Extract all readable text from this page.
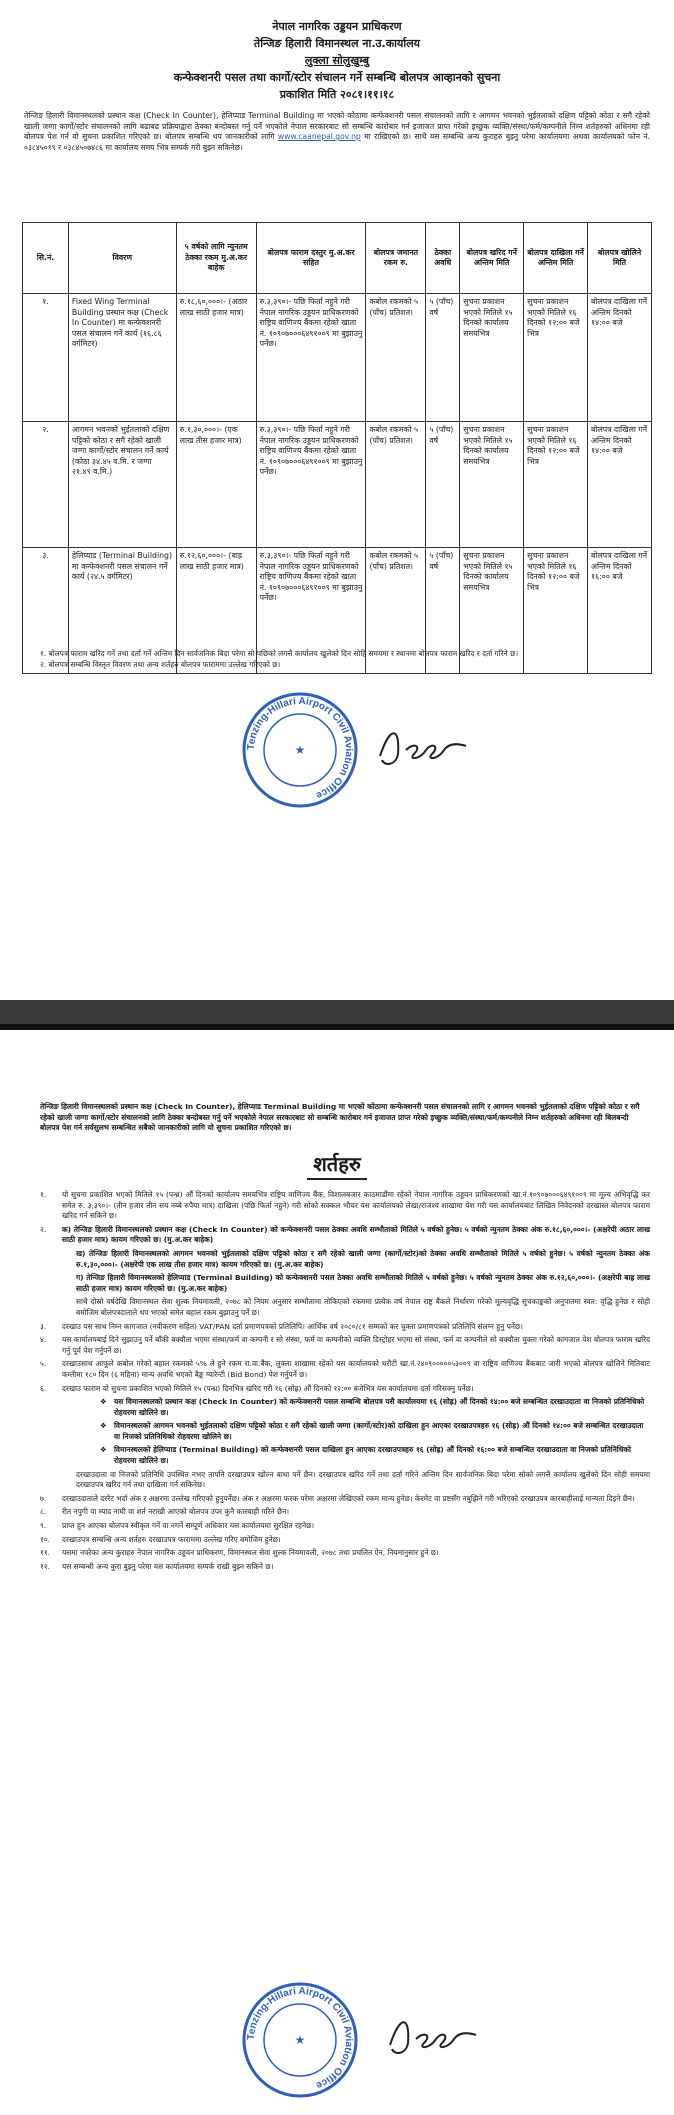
नेपाल नागरिक उड्डयन प्राधिकरण
तेन्जिङ हिलारी विमानस्थल ना.उ.कार्यालय
लुक्ला सोलुखुम्बु
कन्फेक्शनरी पसल तथा कार्गो/स्टोर संचालन गर्ने सम्बन्धि बोलपत्र आव्हानको सुचना
प्रकाशित मिति २०८१।११।१८
तेन्जिङ हिलारी विमानस्थलको प्रस्थान कक्ष (Check In Counter), हेलिप्याड Terminal Building मा भएको कोठामा कन्फेक्शनरी पसल संचालनको लागि र आगमन भवनको भुईतलाको दक्षिण पट्टिको कोठा र सगै रहेको खाली जग्गा कार्गो/स्टोर संचालनको लागि बढाबढ प्रक्रियाद्वारा ठेक्का बन्दोबस्त गर्नु पर्ने भएकोले नेपाल सरकारबाट सो सम्बन्धि कारोबार गर्न इजाजत प्राप्त गरेको इच्छुक व्यक्ति/संस्था/फर्म/कम्पनीले निम्न शर्तहरुको अधिनमा रही बोलपत्र पेश गर्न यो सुचना प्रकाशित गरिएको छ। बोलपत्र सम्बन्धि थप जानकारीको लागि www.caanepal.gov.np मा राखिएको छ। साथै यस सम्बन्धि अन्य कुराहरु बुझ्नु परेमा कार्यालयमा अथवा कार्यालयको फोन नं. ०३८४५०१९ र ०३८४५०७४८६ मा कार्यालय समय भित्र सम्पर्क गरी बुझ्न सकिनेछ।
सि.नं.	विवरण	५ वर्षको लागि न्युनतम ठेक्का रकम मु.अ.कर बाहेक	बोलपत्र फाराम दस्तुर मु.अ.कर सहित	बोलपत्र जमानत रकम रु.	ठेक्का अवधि	बोलपत्र खरिद गर्ने अन्तिम मिति	बोलपत्र दाखिला गर्ने अन्तिम मिति	बोलपत्र खोलिने मिति
१.	Fixed Wing Terminal Building प्रस्थान कक्ष (Check In Counter) मा कन्फेक्शनरी पसल संचालन गर्ने कार्य (१६.८६ वर्गमिटर)	रु.१८,६०,०००।- (अठार लाख साठी हजार मात्र)	रु.३,३९०।- पछि फिर्ता नहुने गरी नेपाल नागरिक उड्डयन प्राधिकरणको राष्ट्रिय वाणिज्य बैंकमा रहेको खाता नं. १०९०७०००६४९१००९ मा बुझाउनु पर्नेछ।	कबोल रकमको ५ (पाँच) प्रतिशत।	५ (पाँच) वर्ष	सुचना प्रकाशन भएको मितिले १५ दिनको कार्यालय समयभित्र	सुचना प्रकाशन भएको मितिले १६ दिनको १२:०० बजे भित्र	बोलपत्र दाखिला गर्ने अन्तिम दिनको १४:०० बजे
२.	आगमन भवनको भुईतलाको दक्षिण पट्टिको कोठा र सगै रहेको खाली जग्गा कार्गो/स्टोर संचालन गर्ने कार्य (कोठा ३४.४५ व.मि. र जग्गा २१.४९ व.मि.)	रु.१,३०,०००।- (एक लाख तीस हजार मात्र)	रु.३,३९०।- पछि फिर्ता नहुने गरी नेपाल नागरिक उड्डयन प्राधिकरणको राष्ट्रिय वाणिज्य बैंकमा रहेको खाता नं. १०९०७०००६४९१००९ मा बुझाउनु पर्नेछ।	कबोल रकमको ५ (पाँच) प्रतिशत।	५ (पाँच) वर्ष	सुचना प्रकाशन भएको मितिले १५ दिनको कार्यालय समयभित्र	सुचना प्रकाशन भएको मितिले १६ दिनको १२:०० बजे भित्र	बोलपत्र दाखिला गर्ने अन्तिम दिनको १४:०० बजे
३.	हेलिप्याड (Terminal Building) मा कन्फेक्शनरी पसल संचालन गर्ने कार्य (२४.५ वर्गमिटर)	रु.१२,६०,०००।- (बाह्र लाख साठी हजार मात्र)	रु.३,३९०।- पछि फिर्ता नहुने गरी नेपाल नागरिक उड्डयन प्राधिकरणको राष्ट्रिय वाणिज्य बैंकमा रहेको खाता नं. १०९०७०००६४९१००९ मा बुझाउनु पर्नेछ।	कबोल रकमको ५ (पाँच) प्रतिशत।	५ (पाँच) वर्ष	सुचना प्रकाशन भएको मितिले १५ दिनको कार्यालय समयभित्र	सुचना प्रकाशन भएको मितिले १६ दिनको १२:०० बजे भित्र	बोलपत्र दाखिला गर्ने अन्तिम दिनको १६:०० बजे
१. बोलपत्र फाराम खरिद गर्ने तथा दर्ता गर्ने अन्तिम दिन सार्वजनिक बिदा परेमा सो पछिको लगत्तै कार्यालय खुलेको दिन सोहि समयमा र स्थानमा बोलपत्र फाराम खरिद र दर्ता गरिने छ।
२. बोलपत्र सम्बन्धि विस्तृत विवरण तथा अन्य शर्तहरु बोलपत्र फाराममा उल्लेख गरिएको छ।
Tenzing-Hillari Airport Civil Aviation Office
★
तेन्जिङ हिलारी विमानस्थलको प्रस्थान कक्ष (Check In Counter), हेलिप्याड Terminal Building मा भएको कोठामा कन्फेक्शनरी पसल संचालनको लागि र आगमन भवनको भुईतलाको दक्षिण पट्टिको कोठा र सगै रहेको खाली जग्गा कार्गो/स्टोर संचालनको लागि ठेक्का बन्दोबस्त गर्नु पर्ने भएकोले नेपाल सरकारबाट सो सम्बन्धि कारोबार गर्न इजाजत प्राप्त गरेको इच्छुक व्यक्ति/संस्था/फर्म/कम्पनीले निम्न शर्तहरुको अधिनमा रही बिलबन्दी बोलपत्र पेश गर्न सर्वसुलभ सम्बन्धित सबैको जानकारीको लागि यो सुचना प्रकाशित गरिएको छ।
शर्तहरु
१.	यो सुचना प्रकाशित भएको मितिले १५ (पन्ध्र) औं दिनको कार्यालय समयभित्र राष्ट्रिय वाणिज्य बैंक, विशालबजार काठमाडौंमा रहेको नेपाल नागरिक उड्डयन प्राधिकरणको खा.नं.१०९०७०००६४९१००९ मा मूल्य अभिवृद्धि कर समेत रु. ३,३९०।- (तीन हजार तीन सय नब्बे रुपैया मात्र) दाखिला (पछि फिर्ता नहुने) गरी सोको सक्कल भौचर यस कार्यालयको लेखा/राजश्व शाखामा पेश गरी यस कार्यालयबाट लिखित निवेदनको दरखास्त बोलपत्र फाराम खरिद गर्न सकिने छ।
२.	क) तेन्जिङ हिलारी विमानस्थलको प्रस्थान कक्ष (Check In Counter) को कन्फेक्शनरी पसल ठेक्का अवधि सम्भौताको मितिले ५ वर्षको हुनेछ। ५ वर्षको न्युनतम ठेक्का अंक रु.१८,६०,०००।- (अक्षरेपी अठार लाख साठी हजार मात्र) कायम गरिएको छ। (मु.अ.कर बाहेक)
ख) तेन्जिङ हिलारी विमानस्थलको आगमन भवनको भुईतलाको दक्षिण पट्टिको कोठा र सगै रहेको खाली जग्गा (कार्गो/स्टोर)को ठेक्का अवधि सम्भौताको मितिले ५ वर्षको हुनेछ। ५ वर्षको न्युनतम ठेक्का अंक रु.१,३०,०००।- (अक्षरेपी एक लाख तीस हजार मात्र) कायम गरिएको छ। (मु.अ.कर बाहेक)
ग) तेन्जिङ हिलारी विमानस्थलको हेलिप्याड (Terminal Building) को कन्फेक्शनरी पसल ठेक्का अवधि सम्भौताको मितिले ५ वर्षको हुनेछ। ५ वर्षको न्युनतम ठेक्का अंक रु.१२,६०,०००।- (अक्षरेपी बाह्र लाख साठी हजार मात्र) कायम गरिएको छ। (मु.अ.कर बाहेक)
साथै दोस्रो वर्षदेखि विमानस्थल सेवा शुल्क नियमावली, २०७८ को नियम अनुसार सम्भौतामा तोकिएको रकममा प्रत्येक वर्ष नेपाल राष्ट्र बैंकले निर्धारण गरेको मूल्यवृद्धि सुचकाङ्कको अनुपातमा स्वत: वृद्धि हुनेछ र सोही बमोजिम बोलपत्रदाताले थप भएको समेत बहाल रकम बुझाउनु पर्ने छ।
३.	दरखाउ यस साथ निम्न कागजात (नवीकरण सहित) VAT/PAN दर्ता प्रमाणपत्रको प्रतिलिपि। आर्थिक वर्ष २०८०/८१ सम्मको कर चुक्ता प्रमाणपत्रको प्रतिलिपि संलग्न हुनु पर्नेछ।
४.	यस कार्यालयबाई दिने सुझाउनु पर्ने बाँकी बक्यौता भएमा संस्था/फर्म वा कम्पनी र सो संस्था, फर्म वा कम्पनीको व्यक्ति डिस्ट्रोहर भएमा सो संस्था, फर्म वा कम्पनीले सो बक्यौता चुक्ता गरेको कागजात पेश बोलपत्र फाराम खरिद गर्नु पूर्व पेश गर्नुपर्ने छ।
५.	दरखाउसाथ आफूले कबोल गरेको बहाल रकमको ५% ले हुने रकम रा.वा.बैंक, लुक्ला शाखामा रहेको यस कार्यालयको धरौटी खा.नं.२४०९०००००५३००९ वा राष्ट्रिय वाणिज्य बैंकबाट जारी भएको बोलपत्र खोलिने मितिबाट कम्तीमा १८० दिन (६ महिना) मान्य अवधि भएको बैङ्क ग्यारेन्टी (Bid Bond) पेश गर्नुपर्ने छ।
६.	दरखाउ फाराम यो सुचना प्रकाशित भएको मितिले १५ (पन्ध्र) दिनभित्र खरिद गरी १६ (सोह्र) औं दिनको १२:०० बजेभित्र यस कार्यालयमा दर्ता गरिसक्नु पर्नेछ।
❖ यस विमानस्थलको प्रस्थान कक्ष (Check In Counter) को कन्फेक्शनरी पसल सम्बन्धि बोलपत्र यसै कार्यालयमा १६ (सोह्र) औं दिनको १४:०० बजे सम्बन्धित दरखाउदाता वा निजको प्रतिनिधिको रोहवरमा खोलिने छ।
❖ विमानस्थलको आगमन भवनको भुईतलाको दक्षिण पट्टिको कोठा र सगै रहेको खाली जग्गा (कार्गो/स्टोर)को दाखिला हुन आएका दरखाउपत्रहरु १६ (सोह्र) औं दिनको १४:०० बजे सम्बन्धित दरखाउदाता वा निजको प्रतिनिधिको रोहवरमा खोलिने छ।
❖ विमानस्थलको हेलिप्याड (Terminal Building) को कन्फेक्शनरी पसल दाखिला हुन आएका दरखाउपत्रहरु १६ (सोह्र) औं दिनको १६:०० बजे सम्बन्धित दरखाउदाता वा निजको प्रतिनिधिको रोहवरमा खोलिने छ।
दरखाउदाता वा निजको प्रतिनिधि उपस्थित नभए तापनि दरखाउपत्र खोल्न बाधा पर्ने छैन। दरखाउपत्र खरिद गर्ने तथा दर्ता गरिने अन्तिम दिन सार्वजनिक बिदा परेमा सोको लगत्तै कार्यालय खुलेको दिन सोही समयमा दरखाउपत्र खरिद गर्न तथा दाखिला गर्न सकिनेछ।
७.	दरखाउदाताले दररेट भर्दा अंक र अक्षरमा उल्लेख गरिएको हुनुपर्नेछ। अंक र अक्षरमा फरक परेमा अक्षरमा लेखिएको रकम मान्य हुनेछ। केरमेट वा प्रष्टसँग नबुझिने गरी भरिएको दरखाउपत्र कारबाहीलाई मान्यता दिइने छैन।
८.	रीत नपुगी वा म्याद नाघी वा शर्त नराखी आएको बोलपत्र उपर कुनै कारबाही गरिने छैन।
९.	प्राप्त हुन आएका बोलपत्र स्वीकृत गर्ने वा नगर्ने सम्पूर्ण अधिकार यस कार्यालयमा सुरक्षित रहनेछ।
१०.	दरखाउपत्र सम्बन्धि अन्य शर्तहरु दरखाउपत्र फाराममा उल्लेख गरिए बमोजिम हुनेछ।
११.	यसमा नपरेका अन्य कुराहरु नेपाल नागरिक उड्डयन प्राधिकरण, विमानस्थल सेवा शुल्क नियमावली, २०७८ तथा प्रचलित ऐन, नियमानुसार हुने छ।
१२.	यस सम्बन्धी अन्य कुरा बुझ्नु परेमा यस कार्यालयमा सम्पर्क राखी बुझ्न सकिने छ।
Tenzing-Hillari Airport Civil Aviation Office
★
